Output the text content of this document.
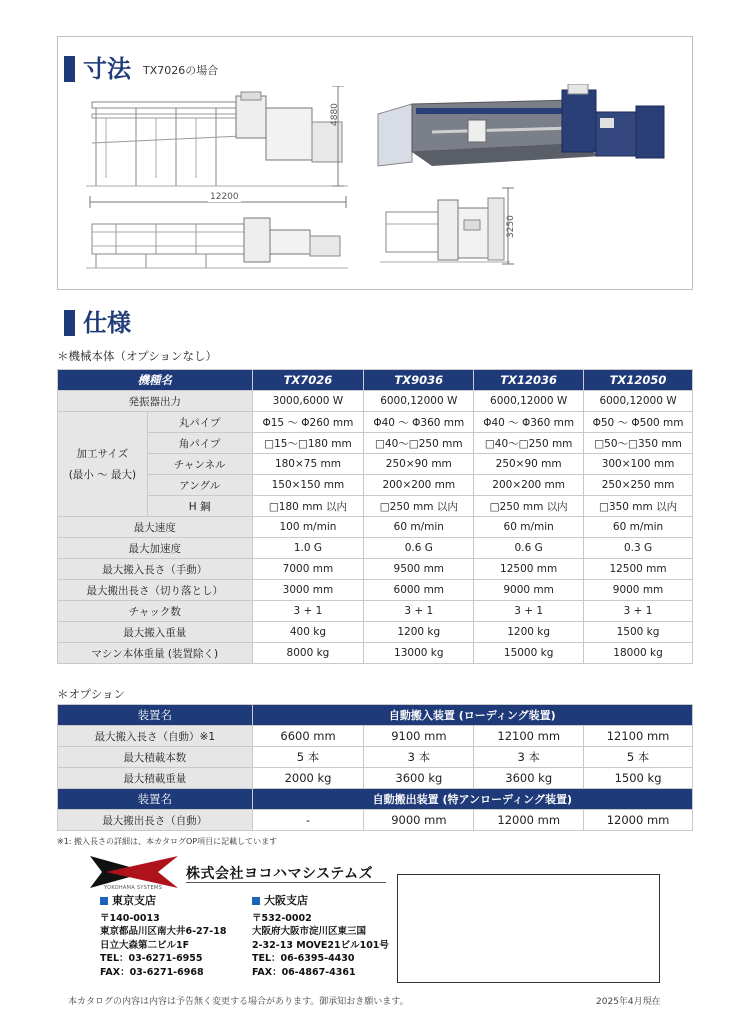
寸法 TX7026の場合
4880
12200
3250
仕様
＊機械本体（オプションなし）
機種名		TX7026	TX9036	TX12036	TX12050
発振器出力		3000,6000 W	6000,12000 W	6000,12000 W	6000,12000 W

加工サイズ
(最小 ～ 最大)	丸パイプ	Φ15 ～ Φ260 mm	Φ40 ～ Φ360 mm	Φ40 ～ Φ360 mm	Φ50 ～ Φ500 mm
	角パイプ	□15～□180 mm	□40～□250 mm	□40～□250 mm	□50～□350 mm
	チャンネル	180×75 mm	250×90 mm	250×90 mm	300×100 mm
	アングル	150×150 mm	200×200 mm	200×200 mm	250×250 mm
	H 鋼	□180 mm 以内	□250 mm 以内	□250 mm 以内	□350 mm 以内
最大速度		100 m/min	60 m/min	60 m/min	60 m/min
最大加速度		1.0 G	0.6 G	0.6 G	0.3 G
最大搬入長さ（手動）		7000 mm	9500 mm	12500 mm	12500 mm
最大搬出長さ（切り落とし）		3000 mm	6000 mm	9000 mm	9000 mm
チャック数		3 + 1	3 + 1	3 + 1	3 + 1
最大搬入重量		400 kg	1200 kg	1200 kg	1500 kg
マシン本体重量 (装置除く)		8000 kg	13000 kg	15000 kg	18000 kg
＊オプション
装置名	自動搬入装置 (ローディング装置)			
最大搬入長さ（自動）※1	6600 mm	9100 mm	12100 mm	12100 mm
最大積載本数	5 本	3 本	3 本	5 本
最大積載重量	2000 kg	3600 kg	3600 kg	1500 kg
装置名	自動搬出装置 (特アンローディング装置)			
最大搬出長さ（自動）	-	9000 mm	12000 mm	12000 mm
※1: 搬入長さの詳細は、本カタログOP項目に記載しています
YOKOHAMA SYSTEMS
株式会社ヨコハマシステムズ
東京支店
〒140-0013
東京都品川区南大井6-27-18
日立大森第二ビル1F
TEL：03-6271-6955
FAX：03-6271-6968
大阪支店
〒532-0002
大阪府大阪市淀川区東三国
2-32-13 MOVE21ビル101号
TEL：06-6395-4430
FAX：06-4867-4361
本カタログの内容は内容は予告無く変更する場合があります。御承知おき願います。	2025年4月現在
